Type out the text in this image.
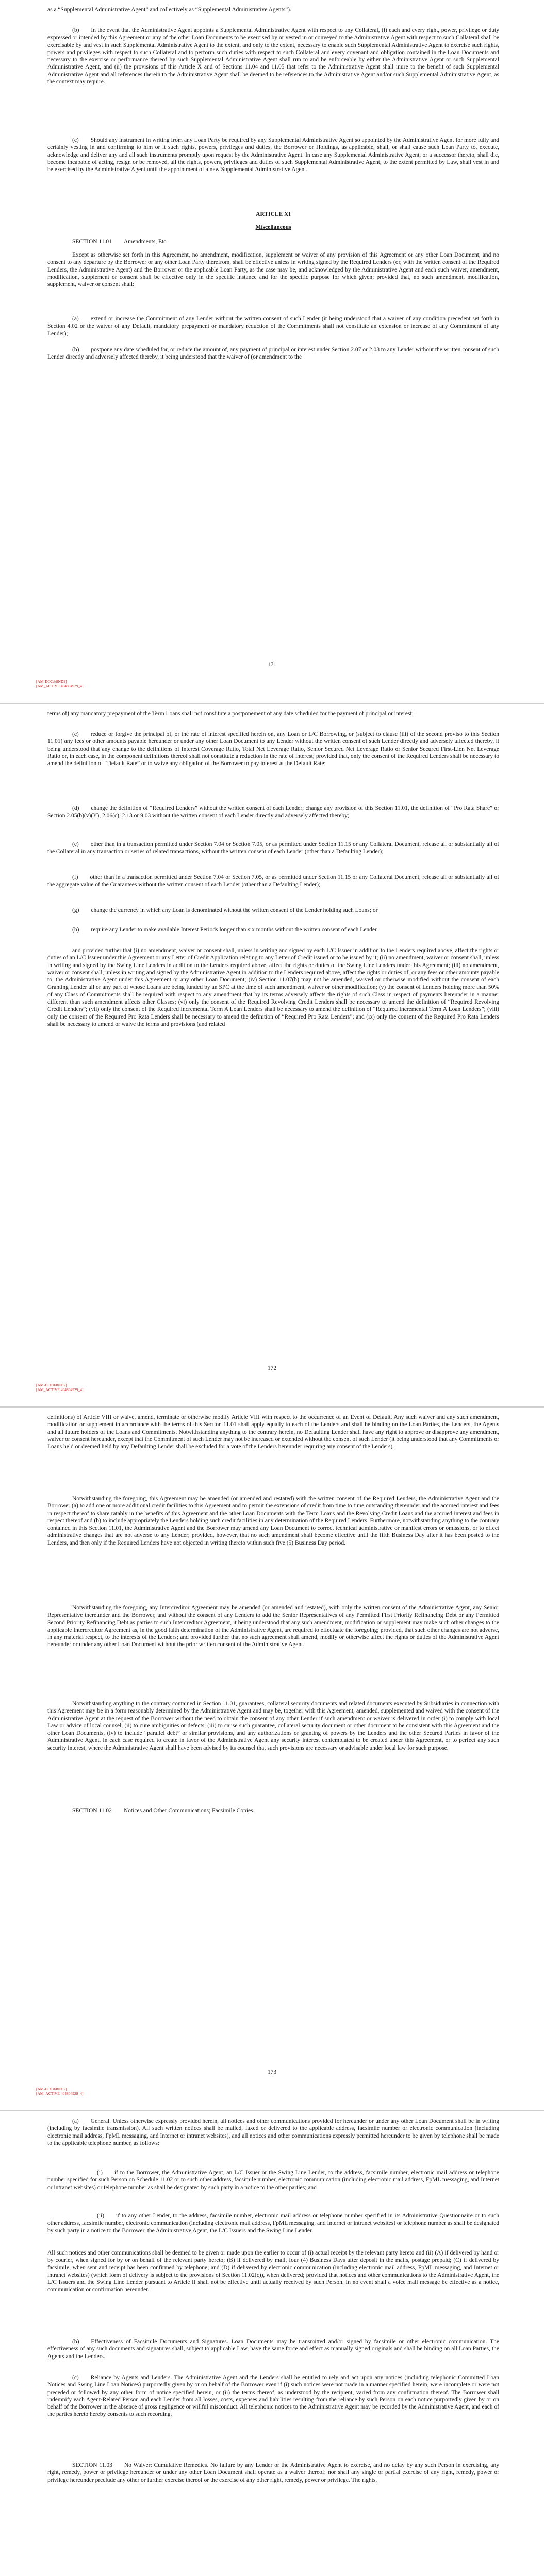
as a “Supplemental Administrative Agent” and collectively as “Supplemental Administrative Agents”).

(b)  In the event that the Administrative Agent appoints a Supplemental Administrative Agent with respect to any Collateral, (i) each and every right, power, privilege or duty expressed or intended by this Agreement or any of the other Loan Documents to be exercised by or vested in or conveyed to the Administrative Agent with respect to such Collateral shall be exercisable by and vest in such Supplemental Administrative Agent to the extent, and only to the extent, necessary to enable such Supplemental Administrative Agent to exercise such rights, powers and privileges with respect to such Collateral and to perform such duties with respect to such Collateral and every covenant and obligation contained in the Loan Documents and necessary to the exercise or performance thereof by such Supplemental Administrative Agent shall run to and be enforceable by either the Administrative Agent or such Supplemental Administrative Agent, and (ii) the provisions of this Article X and of Sections 11.04 and 11.05 that refer to the Administrative Agent shall inure to the benefit of such Supplemental Administrative Agent and all references therein to the Administrative Agent shall be deemed to be references to the Administrative Agent and/or such Supplemental Administrative Agent, as the context may require.

(c)  Should any instrument in writing from any Loan Party be required by any Supplemental Administrative Agent so appointed by the Administrative Agent for more fully and certainly vesting in and confirming to him or it such rights, powers, privileges and duties, the Borrower or Holdings, as applicable, shall, or shall cause such Loan Party to, execute, acknowledge and deliver any and all such instruments promptly upon request by the Administrative Agent. In case any Supplemental Administrative Agent, or a successor thereto, shall die, become incapable of acting, resign or be removed, all the rights, powers, privileges and duties of such Supplemental Administrative Agent, to the extent permitted by Law, shall vest in and be exercised by the Administrative Agent until the appointment of a new Supplemental Administrative Agent.

ARTICLE XI

Miscellaneous

SECTION 11.01  Amendments, Etc.

Except as otherwise set forth in this Agreement, no amendment, modification, supplement or waiver of any provision of this Agreement or any other Loan Document, and no consent to any departure by the Borrower or any other Loan Party therefrom, shall be effective unless in writing signed by the Required Lenders (or, with the written consent of the Required Lenders, the Administrative Agent) and the Borrower or the applicable Loan Party, as the case may be, and acknowledged by the Administrative Agent and each such waiver, amendment, modification, supplement or consent shall be effective only in the specific instance and for the specific purpose for which given; provided that, no such amendment, modification, supplement, waiver or consent shall:

(a)  extend or increase the Commitment of any Lender without the written consent of such Lender (it being understood that a waiver of any condition precedent set forth in Section 4.02 or the waiver of any Default, mandatory prepayment or mandatory reduction of the Commitments shall not constitute an extension or increase of any Commitment of any Lender);

(b)  postpone any date scheduled for, or reduce the amount of, any payment of principal or interest under Section 2.07 or 2.08 to any Lender without the written consent of such Lender directly and adversely affected thereby, it being understood that the waiver of (or amendment to the

171
[AM-DOC#/8ND2]
[AM_ACTIVE 404804929_4]

terms of) any mandatory prepayment of the Term Loans shall not constitute a postponement of any date scheduled for the payment of principal or interest;

(c)  reduce or forgive the principal of, or the rate of interest specified herein on, any Loan or L/C Borrowing, or (subject to clause (iii) of the second proviso to this Section 11.01) any fees or other amounts payable hereunder or under any other Loan Document to any Lender without the written consent of such Lender directly and adversely affected thereby, it being understood that any change to the definitions of Interest Coverage Ratio, Total Net Leverage Ratio, Senior Secured Net Leverage Ratio or Senior Secured First-Lien Net Leverage Ratio or, in each case, in the component definitions thereof shall not constitute a reduction in the rate of interest; provided that, only the consent of the Required Lenders shall be necessary to amend the definition of “Default Rate” or to waive any obligation of the Borrower to pay interest at the Default Rate;

(d)  change the definition of “Required Lenders” without the written consent of each Lender; change any provision of this Section 11.01, the definition of “Pro Rata Share” or Section 2.05(b)(v)(Y), 2.06(c), 2.13 or 9.03 without the written consent of each Lender directly and adversely affected thereby;

(e)  other than in a transaction permitted under Section 7.04 or Section 7.05, or as permitted under Section 11.15 or any Collateral Document, release all or substantially all of the Collateral in any transaction or series of related transactions, without the written consent of each Lender (other than a Defaulting Lender);

(f)  other than in a transaction permitted under Section 7.04 or Section 7.05, or as permitted under Section 11.15 or any Collateral Document, release all or substantially all of the aggregate value of the Guarantees without the written consent of each Lender (other than a Defaulting Lender);

(g)  change the currency in which any Loan is denominated without the written consent of the Lender holding such Loans; or

(h)  require any Lender to make available Interest Periods longer than six months without the written consent of each Lender.

and provided further that (i) no amendment, waiver or consent shall, unless in writing and signed by each L/C Issuer in addition to the Lenders required above, affect the rights or duties of an L/C Issuer under this Agreement or any Letter of Credit Application relating to any Letter of Credit issued or to be issued by it; (ii) no amendment, waiver or consent shall, unless in writing and signed by the Swing Line Lenders in addition to the Lenders required above, affect the rights or duties of the Swing Line Lenders under this Agreement; (iii) no amendment, waiver or consent shall, unless in writing and signed by the Administrative Agent in addition to the Lenders required above, affect the rights or duties of, or any fees or other amounts payable to, the Administrative Agent under this Agreement or any other Loan Document; (iv) Section 11.07(h) may not be amended, waived or otherwise modified without the consent of each Granting Lender all or any part of whose Loans are being funded by an SPC at the time of such amendment, waiver or other modification; (v) the consent of Lenders holding more than 50% of any Class of Commitments shall be required with respect to any amendment that by its terms adversely affects the rights of such Class in respect of payments hereunder in a manner different than such amendment affects other Classes; (vi) only the consent of the Required Revolving Credit Lenders shall be necessary to amend the definition of “Required Revolving Credit Lenders”; (vii) only the consent of the Required Incremental Term A Loan Lenders shall be necessary to amend the definition of “Required Incremental Term A Loan Lenders”; (viii) only the consent of the Required Pro Rata Lenders shall be necessary to amend the definition of “Required Pro Rata Lenders”; and (ix) only the consent of the Required Pro Rata Lenders shall be necessary to amend or waive the terms and provisions (and related

172
[AM-DOC#/8ND2]
[AM_ACTIVE 404804929_4]

definitions) of Article VIII or waive, amend, terminate or otherwise modify Article VIII with respect to the occurrence of an Event of Default. Any such waiver and any such amendment, modification or supplement in accordance with the terms of this Section 11.01 shall apply equally to each of the Lenders and shall be binding on the Loan Parties, the Lenders, the Agents and all future holders of the Loans and Commitments. Notwithstanding anything to the contrary herein, no Defaulting Lender shall have any right to approve or disapprove any amendment, waiver or consent hereunder, except that the Commitment of such Lender may not be increased or extended without the consent of such Lender (it being understood that any Commitments or Loans held or deemed held by any Defaulting Lender shall be excluded for a vote of the Lenders hereunder requiring any consent of the Lenders).

Notwithstanding the foregoing, this Agreement may be amended (or amended and restated) with the written consent of the Required Lenders, the Administrative Agent and the Borrower (a) to add one or more additional credit facilities to this Agreement and to permit the extensions of credit from time to time outstanding thereunder and the accrued interest and fees in respect thereof to share ratably in the benefits of this Agreement and the other Loan Documents with the Term Loans and the Revolving Credit Loans and the accrued interest and fees in respect thereof and (b) to include appropriately the Lenders holding such credit facilities in any determination of the Required Lenders. Furthermore, notwithstanding anything to the contrary contained in this Section 11.01, the Administrative Agent and the Borrower may amend any Loan Document to correct technical administrative or manifest errors or omissions, or to effect administrative changes that are not adverse to any Lender; provided, however, that no such amendment shall become effective until the fifth Business Day after it has been posted to the Lenders, and then only if the Required Lenders have not objected in writing thereto within such five (5) Business Day period.

Notwithstanding the foregoing, any Intercreditor Agreement may be amended (or amended and restated), with only the written consent of the Administrative Agent, any Senior Representative thereunder and the Borrower, and without the consent of any Lenders to add the Senior Representatives of any Permitted First Priority Refinancing Debt or any Permitted Second Priority Refinancing Debt as parties to such Intercreditor Agreement, it being understood that any such amendment, modification or supplement may make such other changes to the applicable Intercreditor Agreement as, in the good faith determination of the Administrative Agent, are required to effectuate the foregoing; provided, that such other changes are not adverse, in any material respect, to the interests of the Lenders; and provided further that no such agreement shall amend, modify or otherwise affect the rights or duties of the Administrative Agent hereunder or under any other Loan Document without the prior written consent of the Administrative Agent.

Notwithstanding anything to the contrary contained in Section 11.01, guarantees, collateral security documents and related documents executed by Subsidiaries in connection with this Agreement may be in a form reasonably determined by the Administrative Agent and may be, together with this Agreement, amended, supplemented and waived with the consent of the Administrative Agent at the request of the Borrower without the need to obtain the consent of any other Lender if such amendment or waiver is delivered in order (i) to comply with local Law or advice of local counsel, (ii) to cure ambiguities or defects, (iii) to cause such guarantee, collateral security document or other document to be consistent with this Agreement and the other Loan Documents, (iv) to include “parallel debt” or similar provisions, and any authorizations or granting of powers by the Lenders and the other Secured Parties in favor of the Administrative Agent, in each case required to create in favor of the Administrative Agent any security interest contemplated to be created under this Agreement, or to perfect any such security interest, where the Administrative Agent shall have been advised by its counsel that such provisions are necessary or advisable under local law for such purpose.

SECTION 11.02  Notices and Other Communications; Facsimile Copies.

173
[AM-DOC#/8ND2]
[AM_ACTIVE 404804929_4]

(a)  General. Unless otherwise expressly provided herein, all notices and other communications provided for hereunder or under any other Loan Document shall be in writing (including by facsimile transmission). All such written notices shall be mailed, faxed or delivered to the applicable address, facsimile number or electronic communication (including electronic mail address, FpML messaging, and Internet or intranet websites), and all notices and other communications expressly permitted hereunder to be given by telephone shall be made to the applicable telephone number, as follows:

(i)  if to the Borrower, the Administrative Agent, an L/C Issuer or the Swing Line Lender, to the address, facsimile number, electronic mail address or telephone number specified for such Person on Schedule 11.02 or to such other address, facsimile number, electronic communication (including electronic mail address, FpML messaging, and Internet or intranet websites) or telephone number as shall be designated by such party in a notice to the other parties; and

(ii)  if to any other Lender, to the address, facsimile number, electronic mail address or telephone number specified in its Administrative Questionnaire or to such other address, facsimile number, electronic communication (including electronic mail address, FpML messaging, and Internet or intranet websites) or telephone number as shall be designated by such party in a notice to the Borrower, the Administrative Agent, the L/C Issuers and the Swing Line Lender.

All such notices and other communications shall be deemed to be given or made upon the earlier to occur of (i) actual receipt by the relevant party hereto and (ii) (A) if delivered by hand or by courier, when signed for by or on behalf of the relevant party hereto; (B) if delivered by mail, four (4) Business Days after deposit in the mails, postage prepaid; (C) if delivered by facsimile, when sent and receipt has been confirmed by telephone; and (D) if delivered by electronic communication (including electronic mail address, FpML messaging, and Internet or intranet websites) (which form of delivery is subject to the provisions of Section 11.02(c)), when delivered; provided that notices and other communications to the Administrative Agent, the L/C Issuers and the Swing Line Lender pursuant to Article II shall not be effective until actually received by such Person. In no event shall a voice mail message be effective as a notice, communication or confirmation hereunder.

(b)  Effectiveness of Facsimile Documents and Signatures. Loan Documents may be transmitted and/or signed by facsimile or other electronic communication. The effectiveness of any such documents and signatures shall, subject to applicable Law, have the same force and effect as manually signed originals and shall be binding on all Loan Parties, the Agents and the Lenders.

(c)  Reliance by Agents and Lenders. The Administrative Agent and the Lenders shall be entitled to rely and act upon any notices (including telephonic Committed Loan Notices and Swing Line Loan Notices) purportedly given by or on behalf of the Borrower even if (i) such notices were not made in a manner specified herein, were incomplete or were not preceded or followed by any other form of notice specified herein, or (ii) the terms thereof, as understood by the recipient, varied from any confirmation thereof. The Borrower shall indemnify each Agent-Related Person and each Lender from all losses, costs, expenses and liabilities resulting from the reliance by such Person on each notice purportedly given by or on behalf of the Borrower in the absence of gross negligence or willful misconduct. All telephonic notices to the Administrative Agent may be recorded by the Administrative Agent, and each of the parties hereto hereby consents to such recording.

SECTION 11.03  No Waiver; Cumulative Remedies. No failure by any Lender or the Administrative Agent to exercise, and no delay by any such Person in exercising, any right, remedy, power or privilege hereunder or under any other Loan Document shall operate as a waiver thereof; nor shall any single or partial exercise of any right, remedy, power or privilege hereunder preclude any other or further exercise thereof or the exercise of any other right, remedy, power or privilege. The rights,
